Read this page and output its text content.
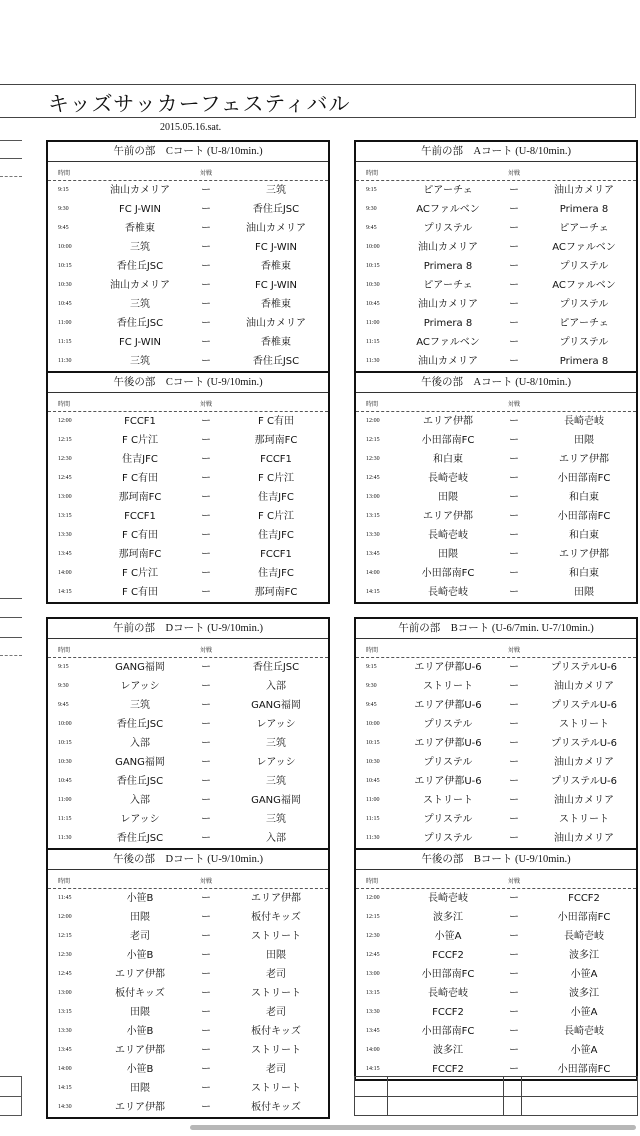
キッズサッカーフェスティバル
2015.05.16.sat.
午前の部　Cコート (U-8/10min.)
時間	対戦
9:15	油山カメリア	ー	三筑
9:30	FC J-WIN	ー	香住丘JSC
9:45	香椎東	ー	油山カメリア
10:00	三筑	ー	FC J-WIN
10:15	香住丘JSC	ー	香椎東
10:30	油山カメリア	ー	FC J-WIN
10:45	三筑	ー	香椎東
11:00	香住丘JSC	ー	油山カメリア
11:15	FC J-WIN	ー	香椎東
11:30	三筑	ー	香住丘JSC
午後の部　Cコート (U-9/10min.)
時間	対戦
12:00	FCCF1	ー	F C有田
12:15	F C片江	ー	那珂南FC
12:30	住吉JFC	ー	FCCF1
12:45	F C有田	ー	F C片江
13:00	那珂南FC	ー	住吉JFC
13:15	FCCF1	ー	F C片江
13:30	F C有田	ー	住吉JFC
13:45	那珂南FC	ー	FCCF1
14:00	F C片江	ー	住吉JFC
14:15	F C有田	ー	那珂南FC
午前の部　Aコート (U-8/10min.)
時間	対戦
9:15	ピアーチェ	ー	油山カメリア
9:30	ACファルベン	ー	Primera 8
9:45	プリステル	ー	ピアーチェ
10:00	油山カメリア	ー	ACファルベン
10:15	Primera 8	ー	プリステル
10:30	ピアーチェ	ー	ACファルベン
10:45	油山カメリア	ー	プリステル
11:00	Primera 8	ー	ピアーチェ
11:15	ACファルベン	ー	プリステル
11:30	油山カメリア	ー	Primera 8
午後の部　Aコート (U-8/10min.)
時間	対戦
12:00	エリア伊都	ー	長崎壱岐
12:15	小田部南FC	ー	田隈
12:30	和白東	ー	エリア伊都
12:45	長崎壱岐	ー	小田部南FC
13:00	田隈	ー	和白東
13:15	エリア伊都	ー	小田部南FC
13:30	長崎壱岐	ー	和白東
13:45	田隈	ー	エリア伊都
14:00	小田部南FC	ー	和白東
14:15	長崎壱岐	ー	田隈
午前の部　Dコート (U-9/10min.)
時間	対戦
9:15	GANG福岡	ー	香住丘JSC
9:30	レアッシ	ー	入部
9:45	三筑	ー	GANG福岡
10:00	香住丘JSC	ー	レアッシ
10:15	入部	ー	三筑
10:30	GANG福岡	ー	レアッシ
10:45	香住丘JSC	ー	三筑
11:00	入部	ー	GANG福岡
11:15	レアッシ	ー	三筑
11:30	香住丘JSC	ー	入部
午後の部　Dコート (U-9/10min.)
時間	対戦
11:45	小笹B	ー	エリア伊都
12:00	田隈	ー	板付キッズ
12:15	老司	ー	ストリート
12:30	小笹B	ー	田隈
12:45	エリア伊都	ー	老司
13:00	板付キッズ	ー	ストリート
13:15	田隈	ー	老司
13:30	小笹B	ー	板付キッズ
13:45	エリア伊都	ー	ストリート
14:00	小笹B	ー	老司
14:15	田隈	ー	ストリート
14:30	エリア伊都	ー	板付キッズ
午前の部　Bコート (U-6/7min. U-7/10min.)
時間	対戦
9:15	エリア伊都U-6	ー	プリステルU-6
9:30	ストリート	ー	油山カメリア
9:45	エリア伊都U-6	ー	プリステルU-6
10:00	プリステル	ー	ストリート
10:15	エリア伊都U-6	ー	プリステルU-6
10:30	プリステル	ー	油山カメリア
10:45	エリア伊都U-6	ー	プリステルU-6
11:00	ストリート	ー	油山カメリア
11:15	プリステル	ー	ストリート
11:30	プリステル	ー	油山カメリア
午後の部　Bコート (U-9/10min.)
時間	対戦
12:00	長崎壱岐	ー	FCCF2
12:15	波多江	ー	小田部南FC
12:30	小笹A	ー	長崎壱岐
12:45	FCCF2	ー	波多江
13:00	小田部南FC	ー	小笹A
13:15	長崎壱岐	ー	波多江
13:30	FCCF2	ー	小笹A
13:45	小田部南FC	ー	長崎壱岐
14:00	波多江	ー	小笹A
14:15	FCCF2	ー	小田部南FC
